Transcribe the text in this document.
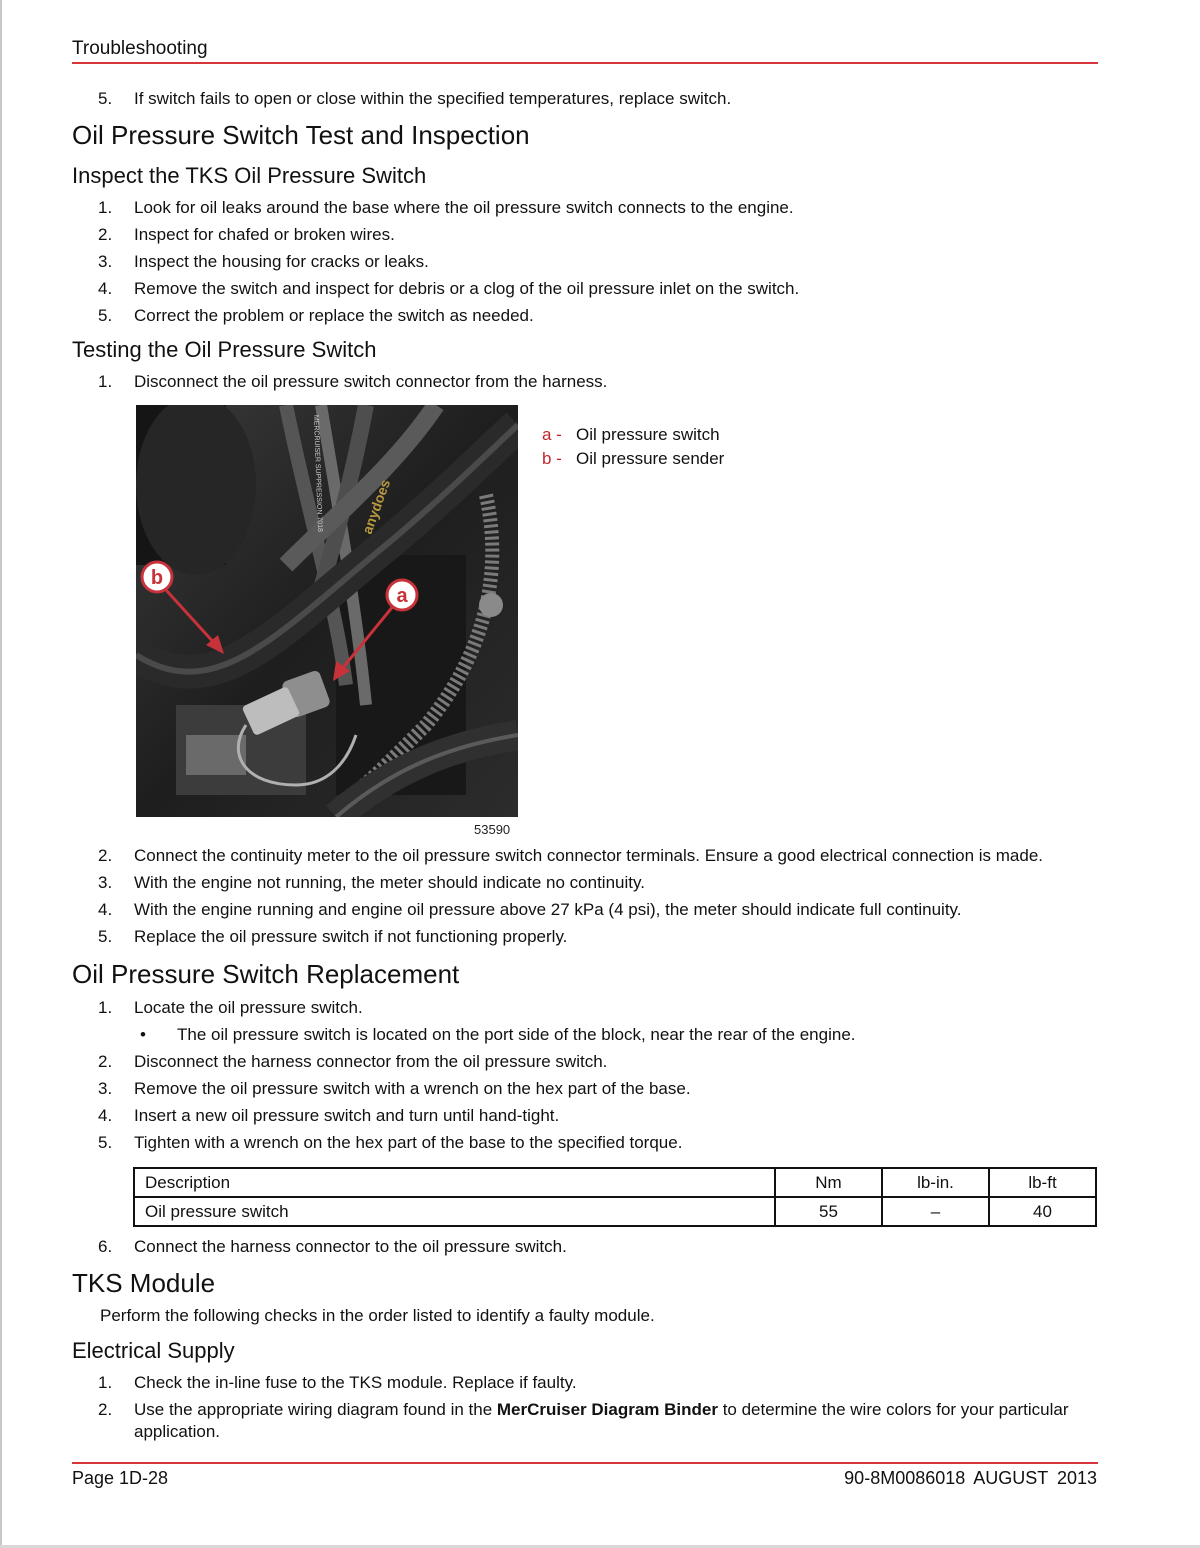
Troubleshooting
5.	If switch fails to open or close within the specified temperatures, replace switch.
Oil Pressure Switch Test and Inspection
Inspect the TKS Oil Pressure Switch
1.	Look for oil leaks around the base where the oil pressure switch connects to the engine.
2.	Inspect for chafed or broken wires.
3.	Inspect the housing for cracks or leaks.
4.	Remove the switch and inspect for debris or a clog of the oil pressure inlet on the switch.
5.	Correct the problem or replace the switch as needed.
Testing the Oil Pressure Switch
1.	Disconnect the oil pressure switch connector from the harness.
MERCRUISER SUPPRESSION 7018	anydoes
b
a
53590
a - Oil pressure switch
b - Oil pressure sender
2.	Connect the continuity meter to the oil pressure switch connector terminals. Ensure a good electrical connection is made.
3.	With the engine not running, the meter should indicate no continuity.
4.	With the engine running and engine oil pressure above 27 kPa (4 psi), the meter should indicate full continuity.
5.	Replace the oil pressure switch if not functioning properly.
Oil Pressure Switch Replacement
1.	Locate the oil pressure switch.
• The oil pressure switch is located on the port side of the block, near the rear of the engine.
2.	Disconnect the harness connector from the oil pressure switch.
3.	Remove the oil pressure switch with a wrench on the hex part of the base.
4.	Insert a new oil pressure switch and turn until hand-tight.
5.	Tighten with a wrench on the hex part of the base to the specified torque.
Description	Nm	lb-in.	lb-ft
Oil pressure switch	55	–	40
6.	Connect the harness connector to the oil pressure switch.
TKS Module
Perform the following checks in the order listed to identify a faulty module.
Electrical Supply
1.	Check the in-line fuse to the TKS module. Replace if faulty.
2.	Use the appropriate wiring diagram found in the MerCruiser Diagram Binder to determine the wire colors for your particular application.
Page 1D-28	90-8M0086018 AUGUST 2013
